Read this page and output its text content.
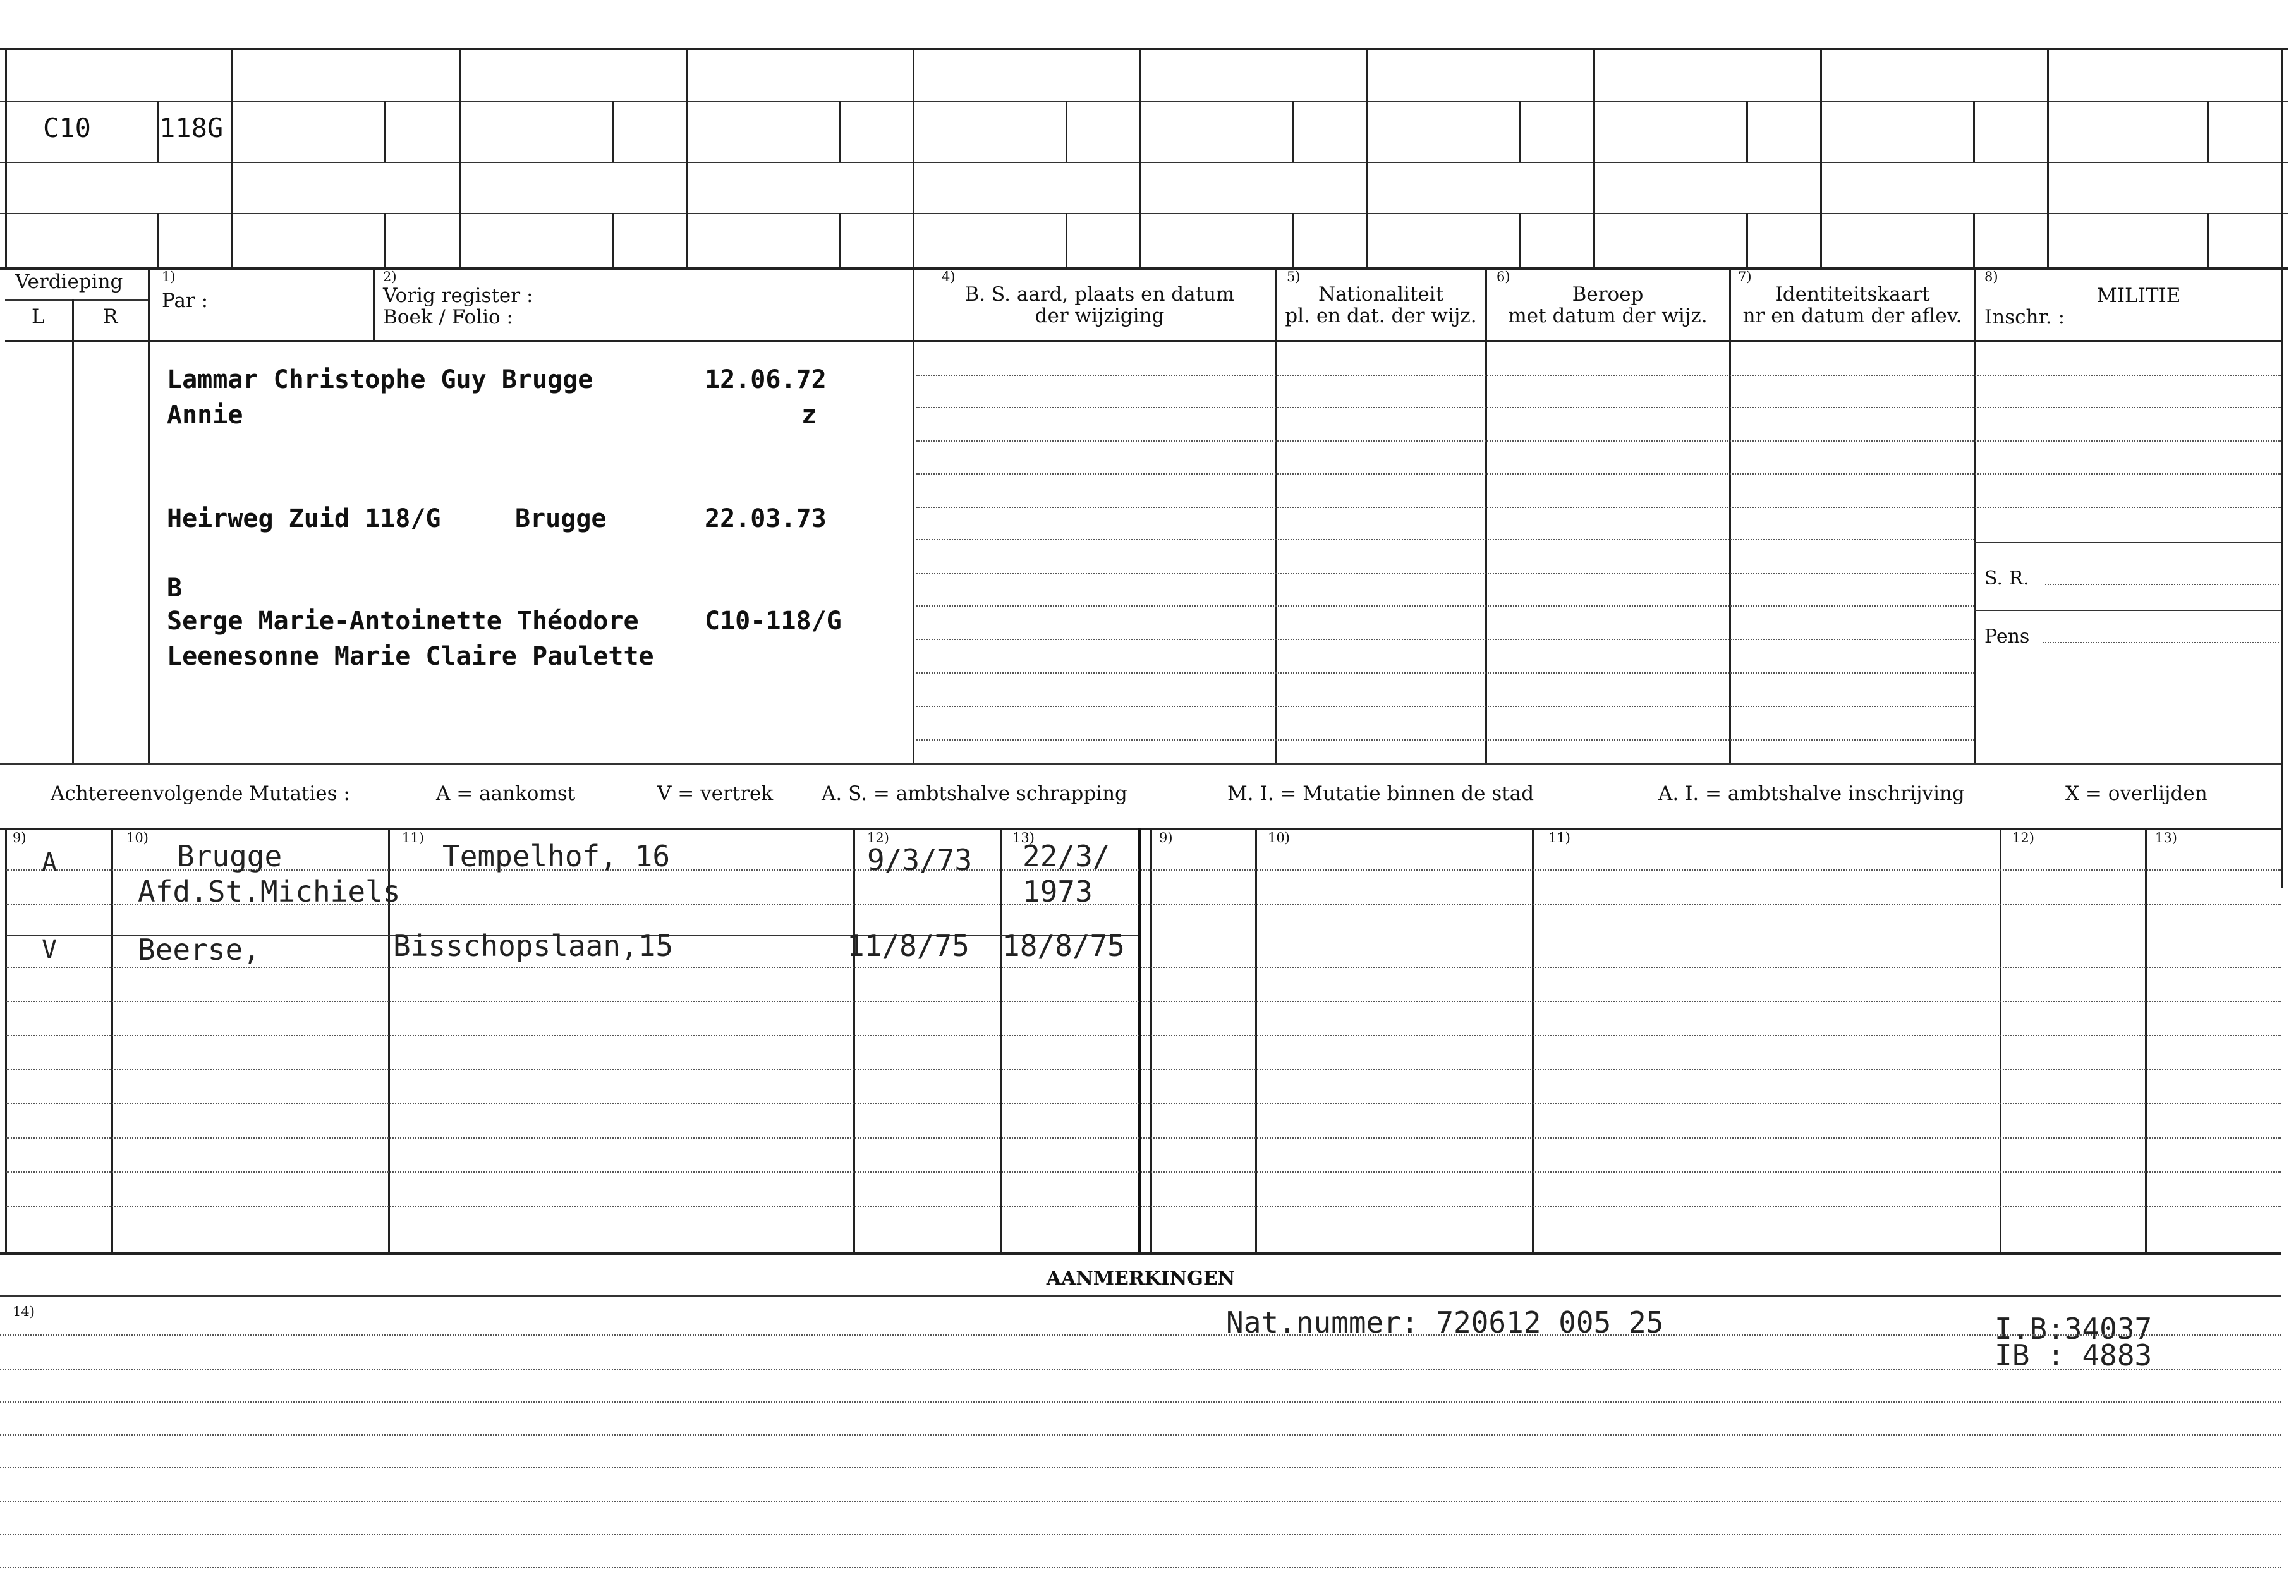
C10	118G
Verdieping
L	R
1)
Par :
2)
Vorig register :
Boek / Folio :
4)
B. S. aard, plaats en datum
der wijziging
5)
Nationaliteit
pl. en dat. der wijz.
6)
Beroep
met datum der wijz.
7)
Identiteitskaart
nr en datum der aflev.
8)
MILITIE
Inschr. :
S. R.
Pens
Lammar Christophe Guy Brugge	12.06.72
Annie	z
Heirweg Zuid 118/G	Brugge	22.03.73
B
Serge Marie-Antoinette Théodore	C10-118/G
Leenesonne Marie Claire Paulette
Achtereenvolgende Mutaties :	A = aankomst	V = vertrek A. S. = ambtshalve schrapping	M. I. = Mutatie binnen de stad	A. I. = ambtshalve inschrijving	X = overlijden
9)	10)	11)	12)	13)	9)	10)	11)	12)	13)
A	Brugge
Afd.St.Michiels
Tempelhof, 16	9/3/73 22/3/
1973
V	Beerse,	Bisschopslaan,15	11/8/75 18/8/75
AANMERKINGEN
14)	Nat.nummer: 720612 005 25	I.B:34037
IB : 4883
